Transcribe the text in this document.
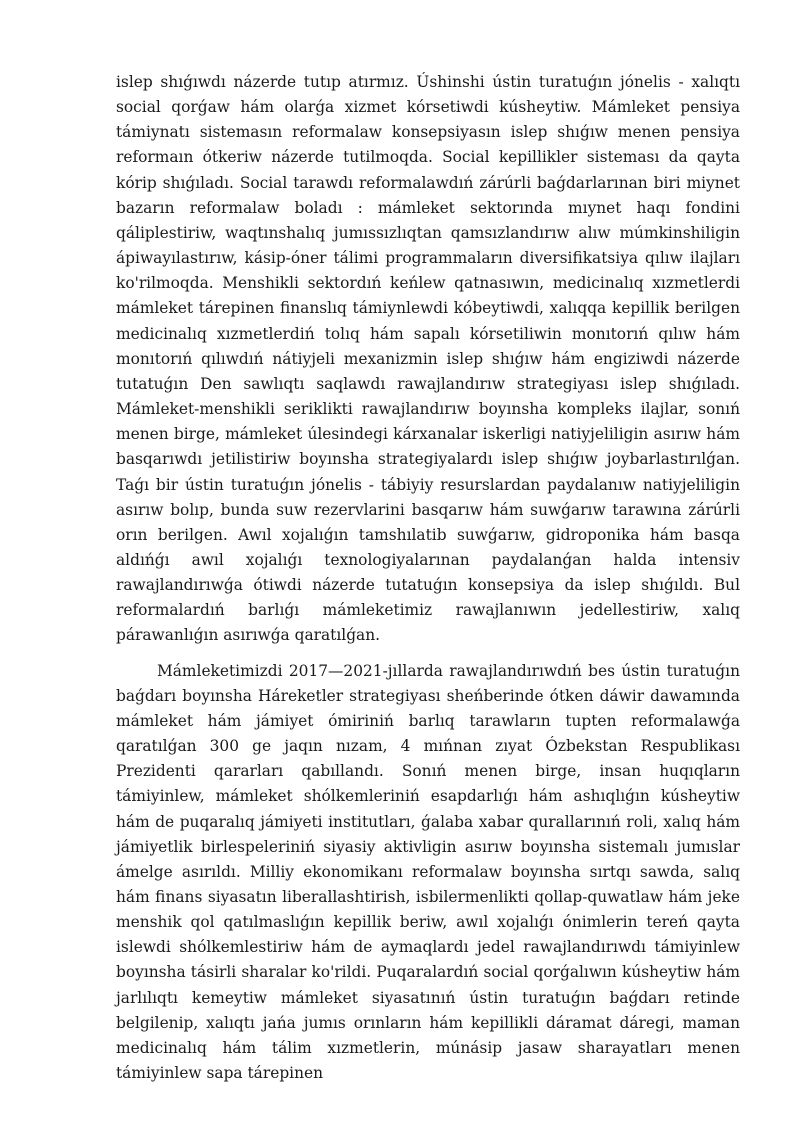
islep shıǵıwdı názerde tutıp atırmız. Úshinshi ústin turatuǵın jónelis - xalıqtı social qorǵaw hám olarǵa xizmet kórsetiwdi kúsheytiw. Mámleket pensiya támiynatı sistemasın reformalaw konsepsiyasın islep shıǵıw menen pensiya reformaın ótkeriw názerde tutilmoqda. Social kepillikler sisteması da qayta kórip shıǵıladı. Social tarawdı reformalawdıń zárúrli baǵdarlarınan biri miynet bazarın reformalaw boladı : mámleket sektorında mıynet haqı fondini qáliplestiriw, waqtınshalıq jumıssızlıqtan qamsızlandırıw alıw múmkinshiligin ápiwayılastırıw, kásip-óner tálimi programmaların diversifikatsiya qılıw ilajları ko'rilmoqda. Menshikli sektordıń keńlew qatnasıwın, medicinalıq xızmetlerdi mámleket tárepinen finanslıq támiynlewdi kóbeytiwdi, xalıqqa kepillik berilgen medicinalıq xızmetlerdiń tolıq hám sapalı kórsetiliwin monıtorıń qılıw hám monıtorıń qılıwdıń nátiyjeli mexanizmin islep shıǵıw hám engiziwdi názerde tutatuǵın Den sawlıqtı saqlawdı rawajlandırıw strategiyası islep shıǵıladı. Mámleket-menshikli seriklikti rawajlandırıw boyınsha kompleks ilajlar, sonıń menen birge, mámleket úlesindegi kárxanalar iskerligi natiyjeliligin asırıw hám basqarıwdı jetilistiriw boyınsha strategiyalardı islep shıǵıw joybarlastırılǵan. Taǵı bir ústin turatuǵın jónelis - tábiyiy resurslardan paydalanıw natiyjeliligin asırıw bolıp, bunda suw rezervlarini basqarıw hám suwǵarıw tarawına zárúrli orın berilgen. Awıl xojalıǵın tamshılatib suwǵarıw, gidroponika hám basqa aldıńǵı awıl xojalıǵı texnologiyalarınan paydalanǵan halda intensiv rawajlandırıwǵa ótiwdi názerde tutatuǵın konsepsiya da islep shıǵıldı. Bul reformalardıń barlıǵı mámleketimiz rawajlanıwın jedellestiriw, xalıq párawanlıǵın asırıwǵa qaratılǵan.

Mámleketimizdi 2017—2021-jıllarda rawajlandırıwdıń bes ústin turatuǵın baǵdarı boyınsha Háreketler strategiyası sheńberinde ótken dáwir dawamında mámleket hám jámiyet ómiriniń barlıq tarawların tupten reformalawǵa qaratılǵan 300 ge jaqın nızam, 4 mıńnan zıyat Ózbekstan Respublikası Prezidenti qararları qabıllandı. Sonıń menen birge, insan huqıqların támiyinlew, mámleket shólkemleriniń esapdarlıǵı hám ashıqlıǵın kúsheytiw hám de puqaralıq jámiyeti institutları, ǵalaba xabar qurallarınıń roli, xalıq hám jámiyetlik birlespeleriniń siyasiy aktivligin asırıw boyınsha sistemalı jumıslar ámelge asırıldı. Milliy ekonomikanı reformalaw boyınsha sırtqı sawda, salıq hám finans siyasatın liberallashtirish, isbilermenlikti qollap-quwatlaw hám jeke menshik qol qatılmaslıǵın kepillik beriw, awıl xojalıǵı ónimlerin tereń qayta islewdi shólkemlestiriw hám de aymaqlardı jedel rawajlandırıwdı támiyinlew boyınsha tásirli sharalar ko'rildi. Puqaralardıń social qorǵalıwın kúsheytiw hám jarlılıqtı kemeytiw mámleket siyasatınıń ústin turatuǵın baǵdarı retinde belgilenip, xalıqtı jańa jumıs orınların hám kepillikli dáramat dáregi, maman medicinalıq hám tálim xızmetlerin, múnásip jasaw sharayatları menen támiyinlew sapa tárepinen
